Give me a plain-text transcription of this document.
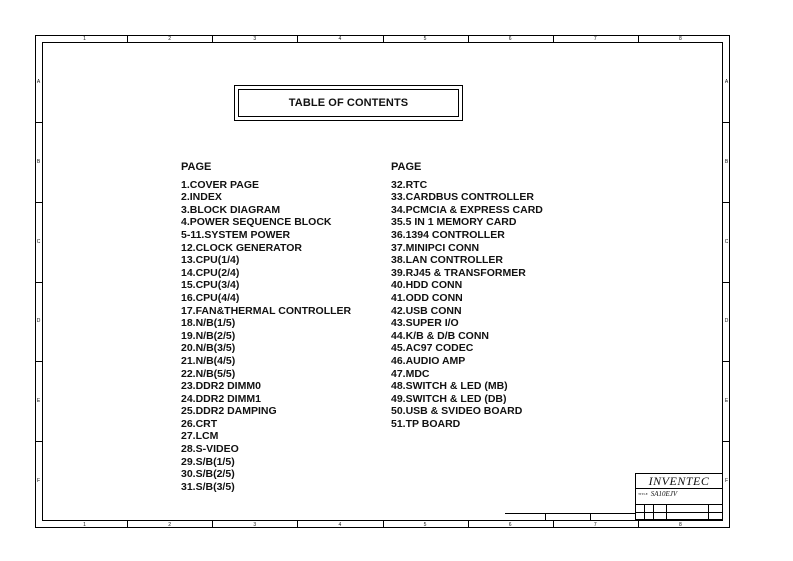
1
1
2
2
3
3
4
4
5
5
6
6
7
7
8
8
A	A
B	B
C	C
D	D
E	E
F	F
TABLE OF CONTENTS
PAGE
1.COVER PAGE
2.INDEX
3.BLOCK DIAGRAM
4.POWER SEQUENCE BLOCK
5-11.SYSTEM POWER
12.CLOCK GENERATOR
13.CPU(1/4)
14.CPU(2/4)
15.CPU(3/4)
16.CPU(4/4)
17.FAN&THERMAL CONTROLLER
18.N/B(1/5)
19.N/B(2/5)
20.N/B(3/5)
21.N/B(4/5)
22.N/B(5/5)
23.DDR2 DIMM0
24.DDR2 DIMM1
25.DDR2 DAMPING
26.CRT
27.LCM
28.S-VIDEO
29.S/B(1/5)
30.S/B(2/5)
31.S/B(3/5)
PAGE
32.RTC
33.CARDBUS CONTROLLER
34.PCMCIA & EXPRESS CARD
35.5 IN 1 MEMORY CARD
36.1394 CONTROLLER
37.MINIPCI CONN
38.LAN CONTROLLER
39.RJ45 & TRANSFORMER
40.HDD CONN
41.ODD CONN
42.USB CONN
43.SUPER I/O
44.K/B & D/B CONN
45.AC97 CODEC
46.AUDIO AMP
47.MDC
48.SWITCH & LED (MB)
49.SWITCH & LED (DB)
50.USB & SVIDEO BOARD
51.TP BOARD
INVENTEC
$^{TITLE}$ SA10EJV
